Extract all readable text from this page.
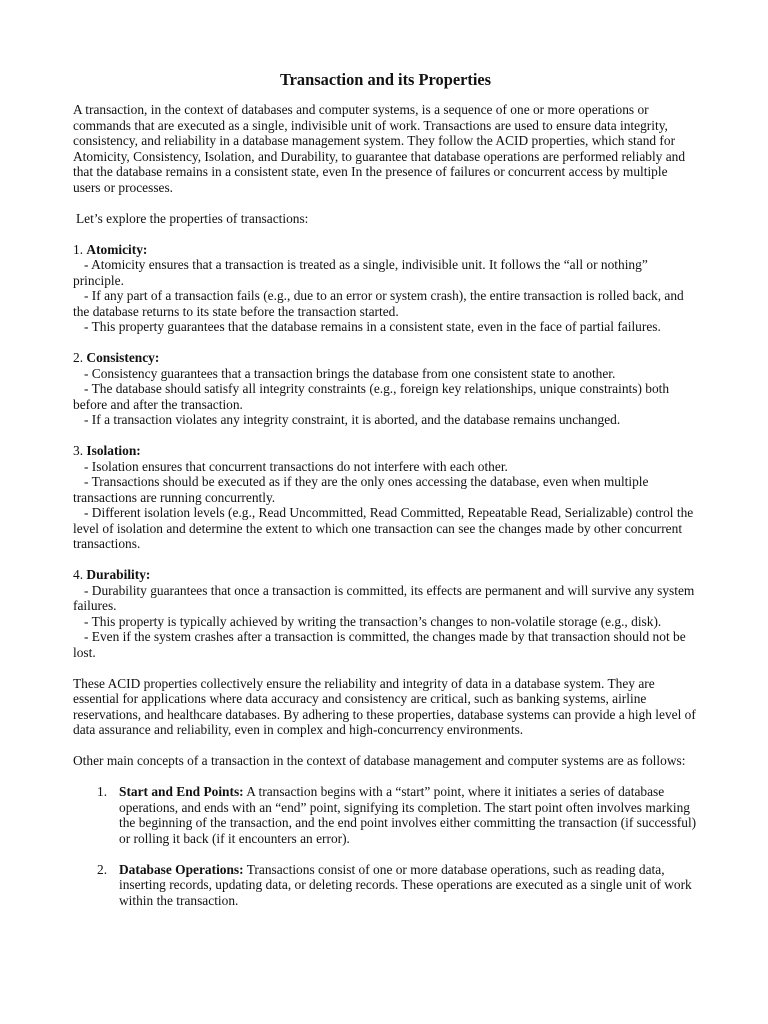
Transaction and its Properties

A transaction, in the context of databases and computer systems, is a sequence of one or more operations or commands that are executed as a single, indivisible unit of work. Transactions are used to ensure data integrity, consistency, and reliability in a database management system. They follow the ACID properties, which stand for Atomicity, Consistency, Isolation, and Durability, to guarantee that database operations are performed reliably and that the database remains in a consistent state, even In the presence of failures or concurrent access by multiple users or processes.

Let’s explore the properties of transactions:

1. Atomicity:
- Atomicity ensures that a transaction is treated as a single, indivisible unit. It follows the “all or nothing” principle.
- If any part of a transaction fails (e.g., due to an error or system crash), the entire transaction is rolled back, and the database returns to its state before the transaction started.
- This property guarantees that the database remains in a consistent state, even in the face of partial failures.
2. Consistency:
- Consistency guarantees that a transaction brings the database from one consistent state to another.
- The database should satisfy all integrity constraints (e.g., foreign key relationships, unique constraints) both before and after the transaction.
- If a transaction violates any integrity constraint, it is aborted, and the database remains unchanged.
3. Isolation:
- Isolation ensures that concurrent transactions do not interfere with each other.
- Transactions should be executed as if they are the only ones accessing the database, even when multiple transactions are running concurrently.
- Different isolation levels (e.g., Read Uncommitted, Read Committed, Repeatable Read, Serializable) control the level of isolation and determine the extent to which one transaction can see the changes made by other concurrent transactions.
4. Durability:
- Durability guarantees that once a transaction is committed, its effects are permanent and will survive any system failures.
- This property is typically achieved by writing the transaction’s changes to non-volatile storage (e.g., disk).
- Even if the system crashes after a transaction is committed, the changes made by that transaction should not be lost.

These ACID properties collectively ensure the reliability and integrity of data in a database system. They are essential for applications where data accuracy and consistency are critical, such as banking systems, airline reservations, and healthcare databases. By adhering to these properties, database systems can provide a high level of data assurance and reliability, even in complex and high-concurrency environments.

Other main concepts of a transaction in the context of database management and computer systems are as follows:

1. Start and End Points: A transaction begins with a “start” point, where it initiates a series of database operations, and ends with an “end” point, signifying its completion. The start point often involves marking the beginning of the transaction, and the end point involves either committing the transaction (if successful) or rolling it back (if it encounters an error).
2. Database Operations: Transactions consist of one or more database operations, such as reading data, inserting records, updating data, or deleting records. These operations are executed as a single unit of work within the transaction.
